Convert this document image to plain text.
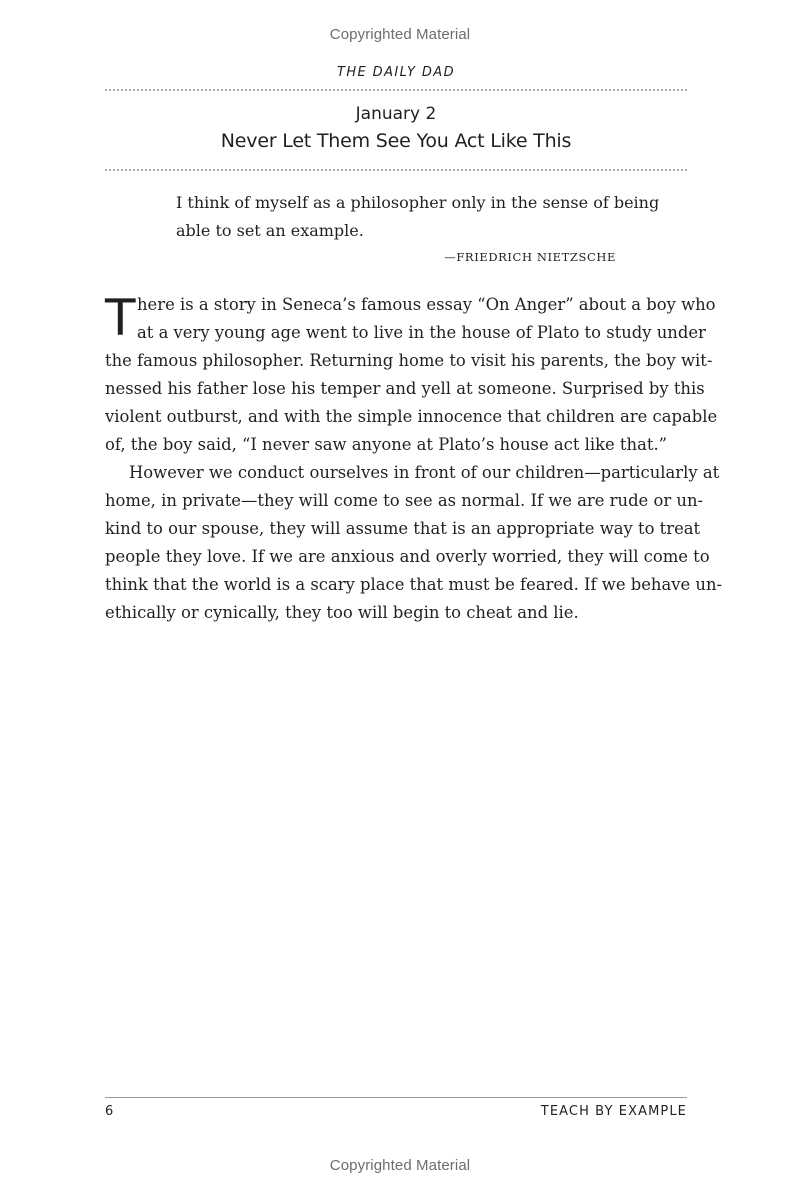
Copyrighted Material
THE DAILY DAD
January 2
Never Let Them See You Act Like This
I think of myself as a philosopher only in the sense of being
able to set an example.
—FRIEDRICH NIETZSCHE
T here is a story in Seneca’s famous essay “On Anger” about a boy who
at a very young age went to live in the house of Plato to study under
the famous philosopher. Returning home to visit his parents, the boy wit-
nessed his father lose his temper and yell at someone. Surprised by this
violent outburst, and with the simple innocence that children are capable
of, the boy said, “I never saw anyone at Plato’s house act like that.”
However we conduct ourselves in front of our children—particularly at
home, in private—they will come to see as normal. If we are rude or un-
kind to our spouse, they will assume that is an appropriate way to treat
people they love. If we are anxious and overly worried, they will come to
think that the world is a scary place that must be feared. If we behave un-
ethically or cynically, they too will begin to cheat and lie.
6	TEACH BY EXAMPLE
Copyrighted Material
